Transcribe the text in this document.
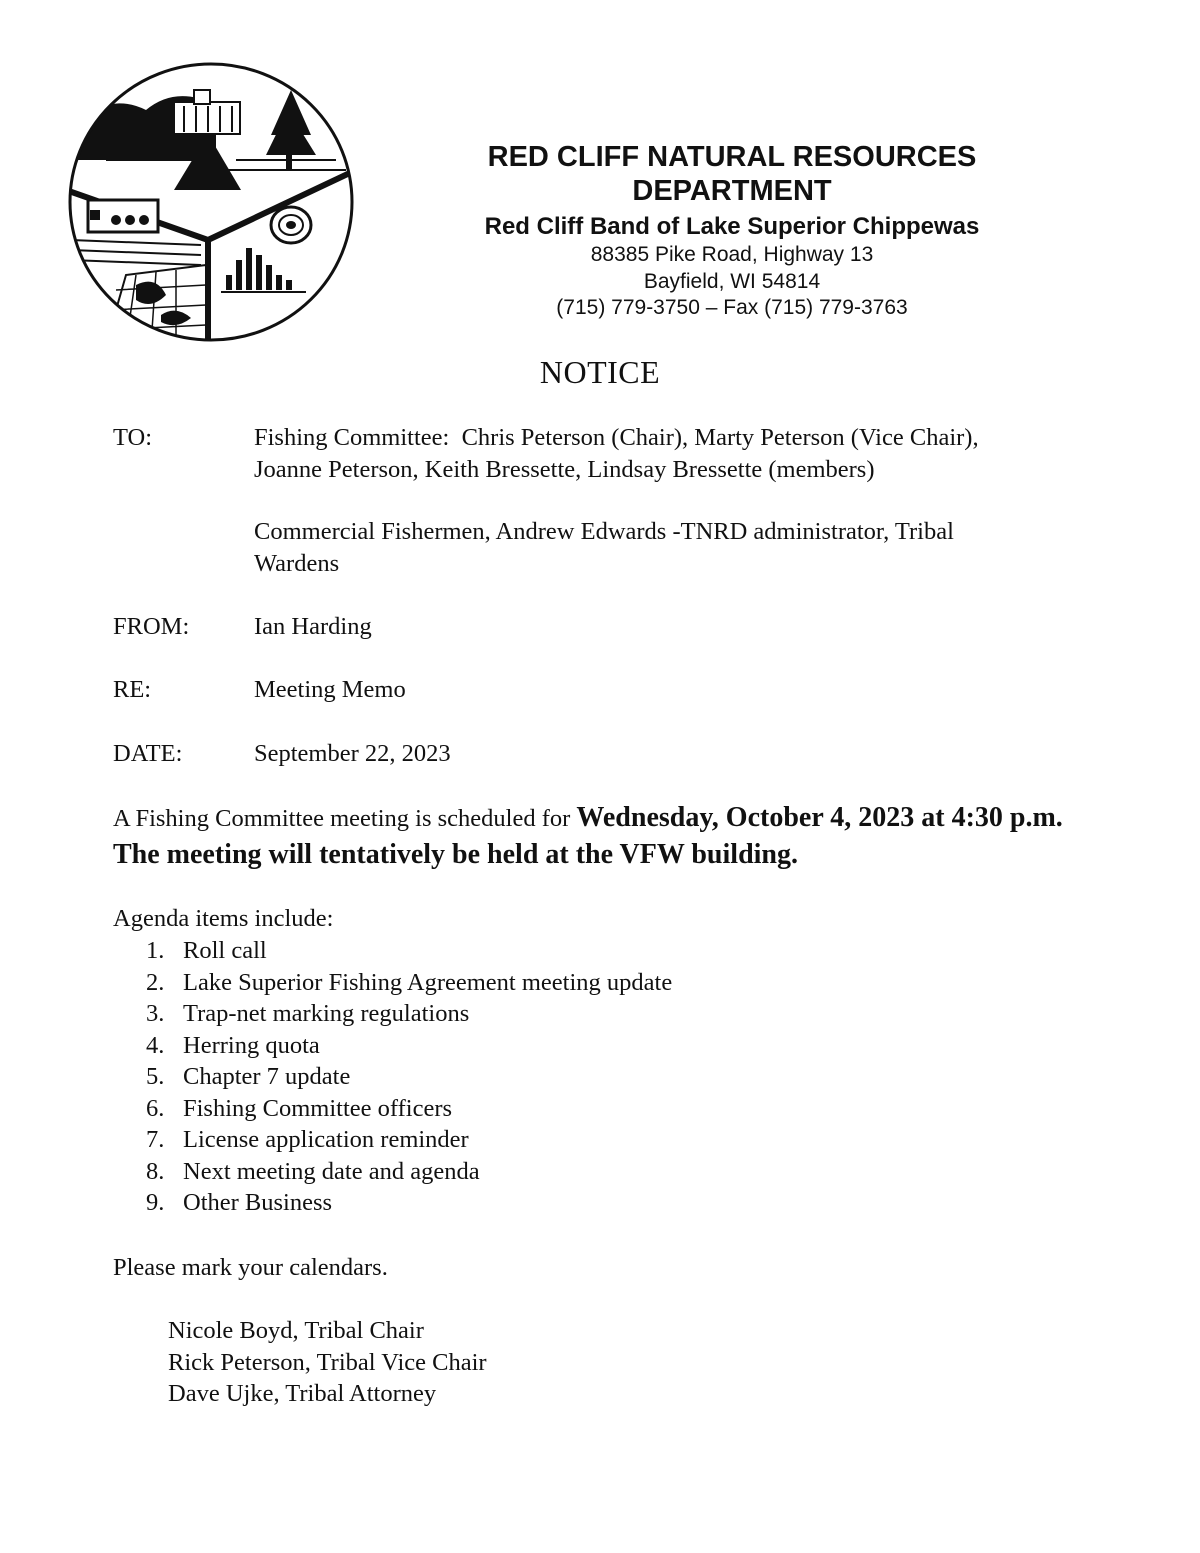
RED CLIFF NATURAL RESOURCES
DEPARTMENT
Red Cliff Band of Lake Superior Chippewas
88385 Pike Road, Highway 13
Bayfield, WI 54814
(715) 779-3750 – Fax (715) 779-3763
NOTICE
TO:	Fishing Committee:  Chris Peterson (Chair), Marty Peterson (Vice Chair),
Joanne Peterson, Keith Bressette, Lindsay Bressette (members)
Commercial Fishermen, Andrew Edwards -TNRD administrator, Tribal
Wardens
FROM:	Ian Harding
RE:	Meeting Memo
DATE:	September 22, 2023
A Fishing Committee meeting is scheduled for Wednesday, October 4, 2023 at 4:30 p.m.  The meeting will tentatively be held at the VFW building.
Agenda items include:
1. Roll call
2. Lake Superior Fishing Agreement meeting update
3. Trap-net marking regulations
4. Herring quota
5. Chapter 7 update
6. Fishing Committee officers
7. License application reminder
8. Next meeting date and agenda
9. Other Business
Please mark your calendars.
Nicole Boyd, Tribal Chair
Rick Peterson, Tribal Vice Chair
Dave Ujke, Tribal Attorney
